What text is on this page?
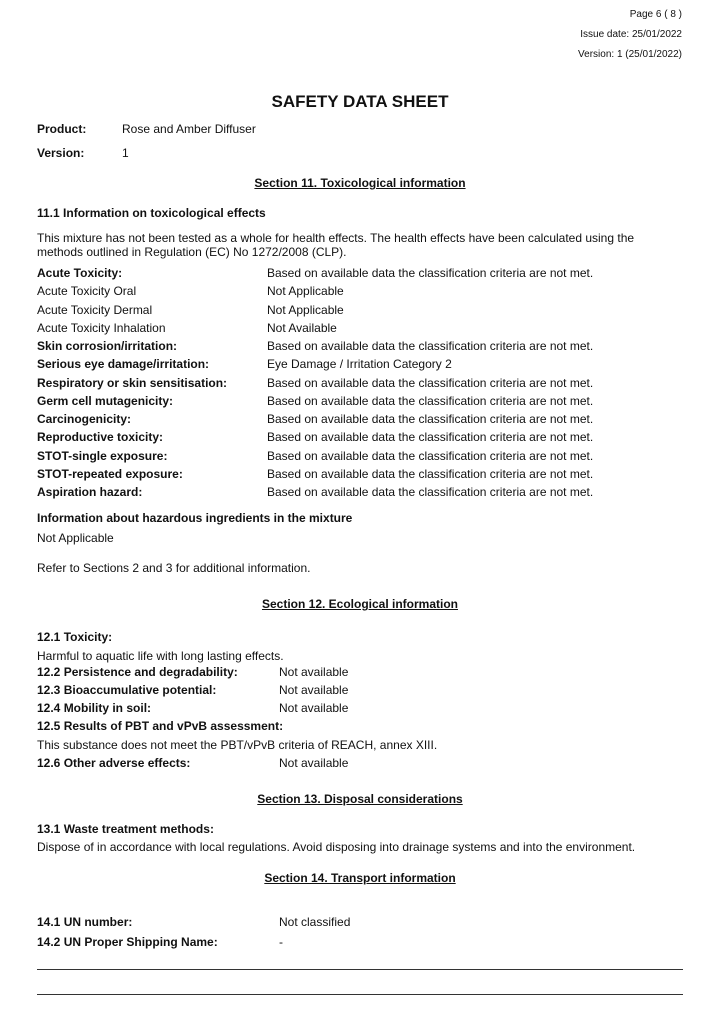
Page 6 ( 8 )
Issue date: 25/01/2022
Version: 1 (25/01/2022)
SAFETY DATA SHEET
Product:	Rose and Amber Diffuser
Version:	1
Section 11. Toxicological information
11.1 Information on toxicological effects
This mixture has not been tested as a whole for health effects. The health effects have been calculated using the methods outlined in Regulation (EC) No 1272/2008 (CLP).
Acute Toxicity:	Based on available data the classification criteria are not met.
Acute Toxicity Oral	Not Applicable
Acute Toxicity Dermal	Not Applicable
Acute Toxicity Inhalation	Not Available
Skin corrosion/irritation:	Based on available data the classification criteria are not met.
Serious eye damage/irritation:	Eye Damage / Irritation Category 2
Respiratory or skin sensitisation:	Based on available data the classification criteria are not met.
Germ cell mutagenicity:	Based on available data the classification criteria are not met.
Carcinogenicity:	Based on available data the classification criteria are not met.
Reproductive toxicity:	Based on available data the classification criteria are not met.
STOT-single exposure:	Based on available data the classification criteria are not met.
STOT-repeated exposure:	Based on available data the classification criteria are not met.
Aspiration hazard:	Based on available data the classification criteria are not met.
Information about hazardous ingredients in the mixture
Not Applicable
Refer to Sections 2 and 3 for additional information.
Section 12. Ecological information
12.1 Toxicity:
Harmful to aquatic life with long lasting effects.
12.2 Persistence and degradability:	Not available
12.3 Bioaccumulative potential:	Not available
12.4 Mobility in soil:	Not available
12.5 Results of PBT and vPvB assessment:
This substance does not meet the PBT/vPvB criteria of REACH, annex XIII.
12.6 Other adverse effects:	Not available
Section 13. Disposal considerations
13.1 Waste treatment methods:
Dispose of in accordance with local regulations. Avoid disposing into drainage systems and into the environment.
Section 14. Transport information
14.1 UN number:	Not classified
14.2 UN Proper Shipping Name:	-
